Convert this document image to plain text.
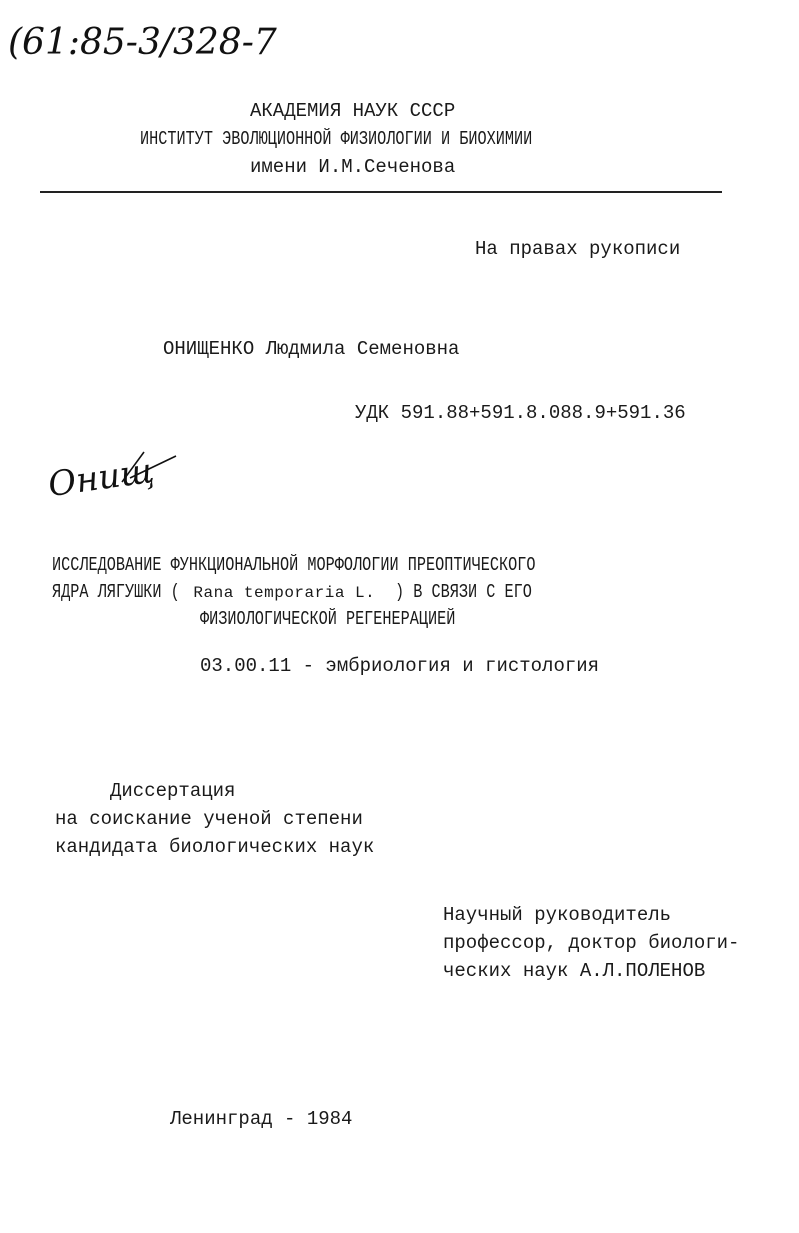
(61:85-3/328-7
АКАДЕМИЯ НАУК СССР
ИНСТИТУТ ЭВОЛЮЦИОННОЙ ФИЗИОЛОГИИ И БИОХИМИИ
имени И.М.Сеченова
На правах рукописи
ОНИЩЕНКО Людмила Семеновна
УДК 591.88+591.8.088.9+591.36
Онищ
ИССЛЕДОВАНИЕ ФУНКЦИОНАЛЬНОЙ МОРФОЛОГИИ ПРЕОПТИЧЕСКОГО
ЯДРА ЛЯГУШКИ ( Rana temporaria L. ) В СВЯЗИ С ЕГО
ФИЗИОЛОГИЧЕСКОЙ РЕГЕНЕРАЦИЕЙ
03.00.11 - эмбриология и гистология
Диссертация
на соискание ученой степени
кандидата биологических наук
Научный руководитель
профессор, доктор биологи-
ческих наук А.Л.ПОЛЕНОВ
Ленинград - 1984
